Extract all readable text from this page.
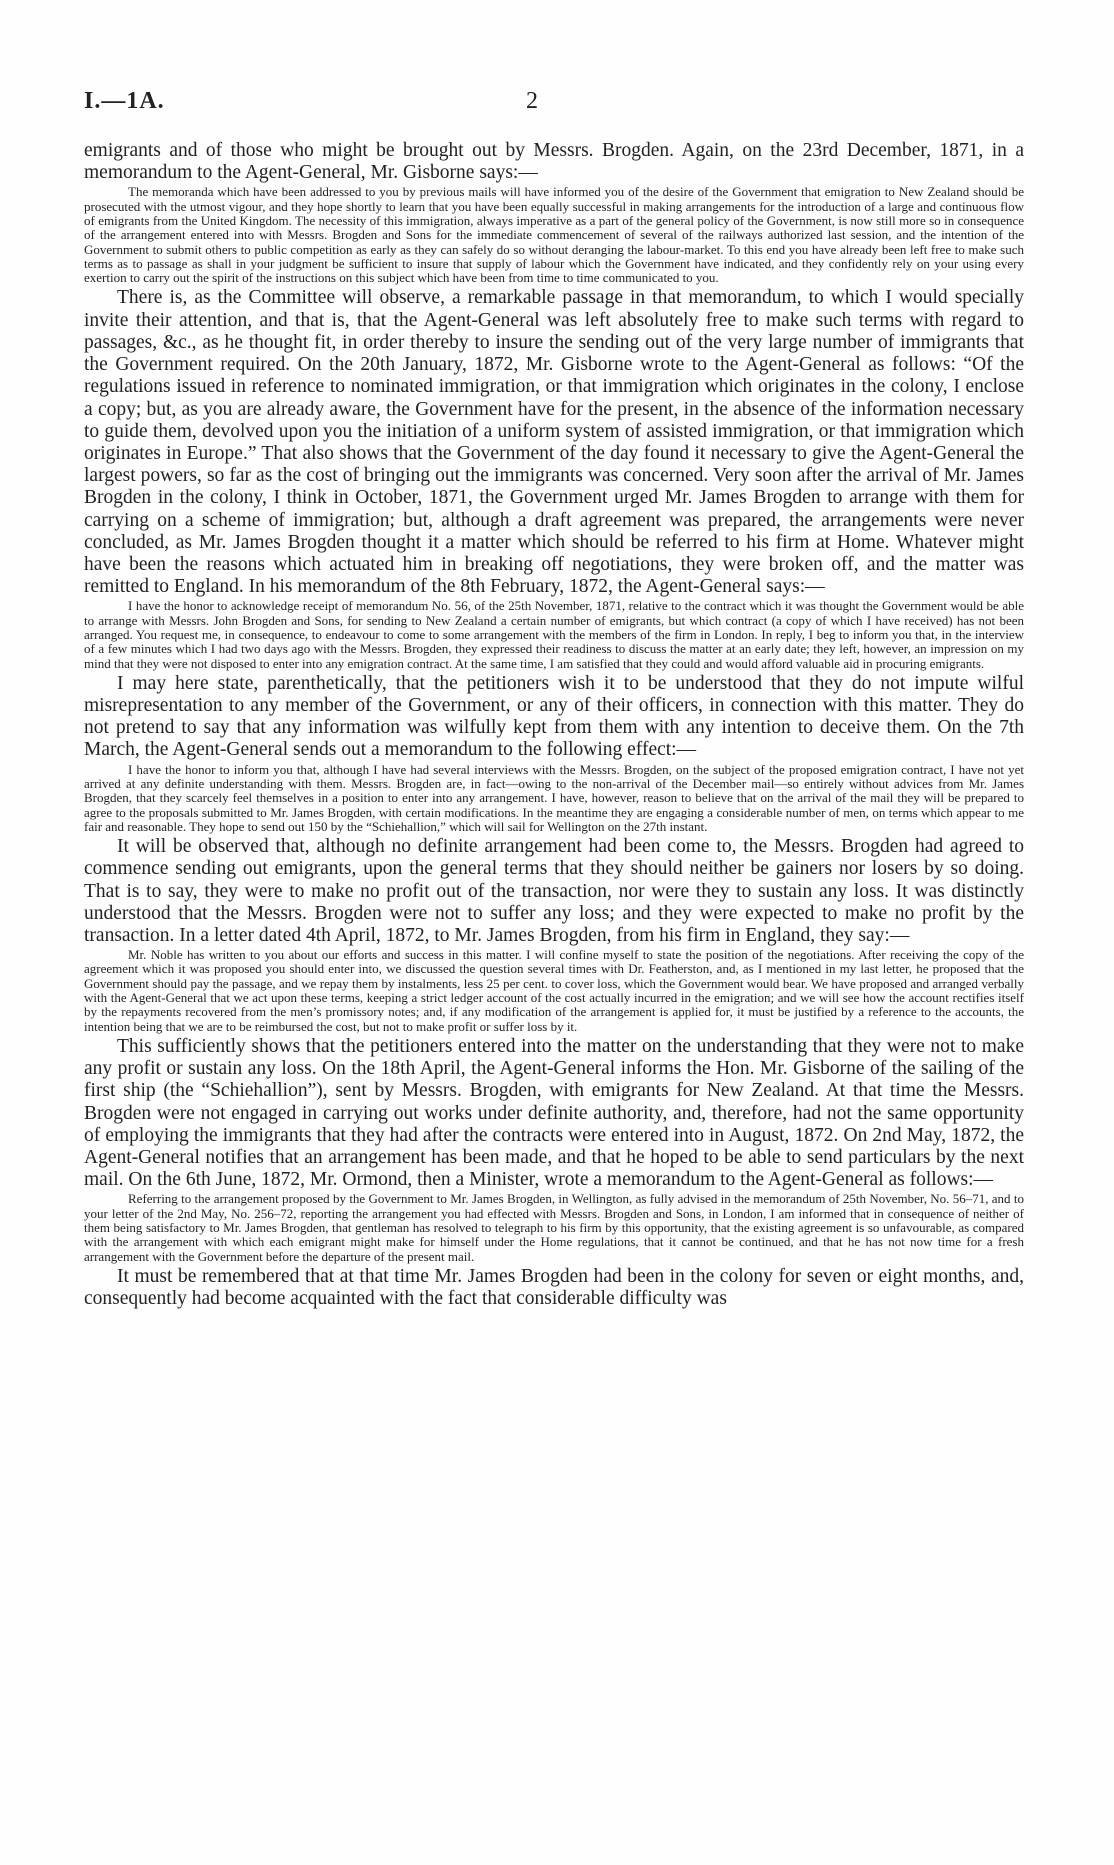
I.—1A.	2

emigrants and of those who might be brought out by Messrs. Brogden. Again, on the 23rd December, 1871, in a memorandum to the Agent-General, Mr. Gisborne says:—

The memoranda which have been addressed to you by previous mails will have informed you of the desire of the Government that emigration to New Zealand should be prosecuted with the utmost vigour, and they hope shortly to learn that you have been equally successful in making arrangements for the introduction of a large and continuous flow of emigrants from the United Kingdom. The necessity of this immigration, always imperative as a part of the general policy of the Government, is now still more so in consequence of the arrangement entered into with Messrs. Brogden and Sons for the immediate commencement of several of the railways authorized last session, and the intention of the Government to submit others to public competition as early as they can safely do so without deranging the labour-market. To this end you have already been left free to make such terms as to passage as shall in your judgment be sufficient to insure that supply of labour which the Government have indicated, and they confidently rely on your using every exertion to carry out the spirit of the instructions on this subject which have been from time to time communicated to you.

There is, as the Committee will observe, a remarkable passage in that memorandum, to which I would specially invite their attention, and that is, that the Agent-General was left absolutely free to make such terms with regard to passages, &c., as he thought fit, in order thereby to insure the sending out of the very large number of immigrants that the Government required. On the 20th January, 1872, Mr. Gisborne wrote to the Agent-General as follows: “Of the regulations issued in reference to nominated immigration, or that immigration which originates in the colony, I enclose a copy; but, as you are already aware, the Government have for the present, in the absence of the information necessary to guide them, devolved upon you the initiation of a uniform system of assisted immigration, or that immigration which originates in Europe.” That also shows that the Government of the day found it necessary to give the Agent-General the largest powers, so far as the cost of bringing out the immigrants was concerned. Very soon after the arrival of Mr. James Brogden in the colony, I think in October, 1871, the Government urged Mr. James Brogden to arrange with them for carrying on a scheme of immigration; but, although a draft agreement was prepared, the arrangements were never concluded, as Mr. James Brogden thought it a matter which should be referred to his firm at Home. Whatever might have been the reasons which actuated him in breaking off negotiations, they were broken off, and the matter was remitted to England. In his memorandum of the 8th February, 1872, the Agent-General says:—

I have the honor to acknowledge receipt of memorandum No. 56, of the 25th November, 1871, relative to the contract which it was thought the Government would be able to arrange with Messrs. John Brogden and Sons, for sending to New Zealand a certain number of emigrants, but which contract (a copy of which I have received) has not been arranged. You request me, in consequence, to endeavour to come to some arrangement with the members of the firm in London. In reply, I beg to inform you that, in the interview of a few minutes which I had two days ago with the Messrs. Brogden, they expressed their readiness to discuss the matter at an early date; they left, however, an impression on my mind that they were not disposed to enter into any emigration contract. At the same time, I am satisfied that they could and would afford valuable aid in procuring emigrants.

I may here state, parenthetically, that the petitioners wish it to be understood that they do not impute wilful misrepresentation to any member of the Government, or any of their officers, in connection with this matter. They do not pretend to say that any information was wilfully kept from them with any intention to deceive them. On the 7th March, the Agent-General sends out a memorandum to the following effect:—

I have the honor to inform you that, although I have had several interviews with the Messrs. Brogden, on the subject of the proposed emigration contract, I have not yet arrived at any definite understanding with them. Messrs. Brogden are, in fact—owing to the non-arrival of the December mail—so entirely without advices from Mr. James Brogden, that they scarcely feel themselves in a position to enter into any arrangement. I have, however, reason to believe that on the arrival of the mail they will be prepared to agree to the proposals submitted to Mr. James Brogden, with certain modifications. In the meantime they are engaging a considerable number of men, on terms which appear to me fair and reasonable. They hope to send out 150 by the “Schiehallion,” which will sail for Wellington on the 27th instant.

It will be observed that, although no definite arrangement had been come to, the Messrs. Brogden had agreed to commence sending out emigrants, upon the general terms that they should neither be gainers nor losers by so doing. That is to say, they were to make no profit out of the transaction, nor were they to sustain any loss. It was distinctly understood that the Messrs. Brogden were not to suffer any loss; and they were expected to make no profit by the transaction. In a letter dated 4th April, 1872, to Mr. James Brogden, from his firm in England, they say:—

Mr. Noble has written to you about our efforts and success in this matter. I will confine myself to state the position of the negotiations. After receiving the copy of the agreement which it was proposed you should enter into, we discussed the question several times with Dr. Featherston, and, as I mentioned in my last letter, he proposed that the Government should pay the passage, and we repay them by instalments, less 25 per cent. to cover loss, which the Government would bear. We have proposed and arranged verbally with the Agent-General that we act upon these terms, keeping a strict ledger account of the cost actually incurred in the emigration; and we will see how the account rectifies itself by the repayments recovered from the men’s promissory notes; and, if any modification of the arrangement is applied for, it must be justified by a reference to the accounts, the intention being that we are to be reimbursed the cost, but not to make profit or suffer loss by it.

This sufficiently shows that the petitioners entered into the matter on the understanding that they were not to make any profit or sustain any loss. On the 18th April, the Agent-General informs the Hon. Mr. Gisborne of the sailing of the first ship (the “Schiehallion”), sent by Messrs. Brogden, with emigrants for New Zealand. At that time the Messrs. Brogden were not engaged in carrying out works under definite authority, and, therefore, had not the same opportunity of employing the immigrants that they had after the contracts were entered into in August, 1872. On 2nd May, 1872, the Agent-General notifies that an arrangement has been made, and that he hoped to be able to send particulars by the next mail. On the 6th June, 1872, Mr. Ormond, then a Minister, wrote a memorandum to the Agent-General as follows:—

Referring to the arrangement proposed by the Government to Mr. James Brogden, in Wellington, as fully advised in the memorandum of 25th November, No. 56–71, and to your letter of the 2nd May, No. 256–72, reporting the arrangement you had effected with Messrs. Brogden and Sons, in London, I am informed that in consequence of neither of them being satisfactory to Mr. James Brogden, that gentleman has resolved to telegraph to his firm by this opportunity, that the existing agreement is so unfavourable, as compared with the arrangement with which each emigrant might make for himself under the Home regulations, that it cannot be continued, and that he has not now time for a fresh arrangement with the Government before the departure of the present mail.

It must be remembered that at that time Mr. James Brogden had been in the colony for seven or eight months, and, consequently had become acquainted with the fact that considerable difficulty was
